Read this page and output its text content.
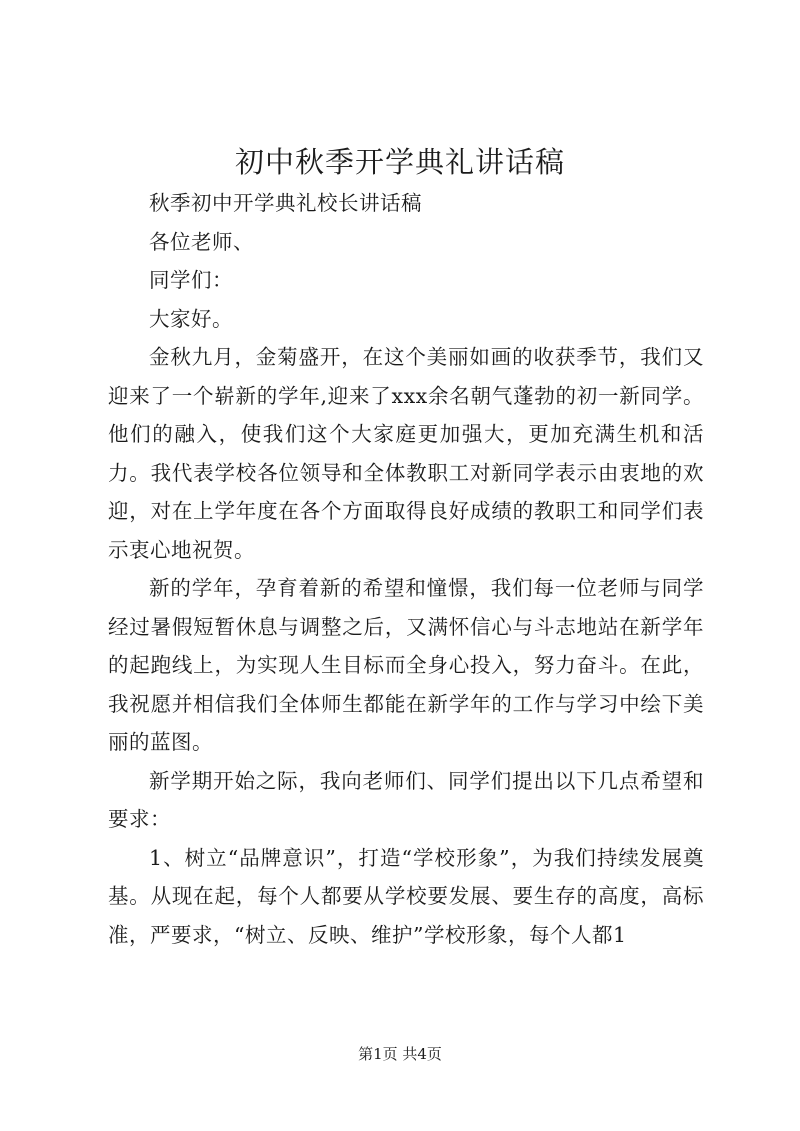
初中秋季开学典礼讲话稿

秋季初中开学典礼校长讲话稿

各位老师、

同学们：

大家好。

金秋九月，金菊盛开，在这个美丽如画的收获季节，我们又迎来了一个崭新的学年,迎来了xxx余名朝气蓬勃的初一新同学。他们的融入，使我们这个大家庭更加强大，更加充满生机和活力。我代表学校各位领导和全体教职工对新同学表示由衷地的欢迎，对在上学年度在各个方面取得良好成绩的教职工和同学们表示衷心地祝贺。

新的学年，孕育着新的希望和憧憬，我们每一位老师与同学经过暑假短暂休息与调整之后，又满怀信心与斗志地站在新学年的起跑线上，为实现人生目标而全身心投入，努力奋斗。在此，我祝愿并相信我们全体师生都能在新学年的工作与学习中绘下美丽的蓝图。

新学期开始之际，我向老师们、同学们提出以下几点希望和要求：

1、树立“品牌意识”，打造“学校形象”，为我们持续发展奠基。从现在起，每个人都要从学校要发展、要生存的高度，高标准，严要求，“树立、反映、维护”学校形象，每个人都1

第1页 共4页
